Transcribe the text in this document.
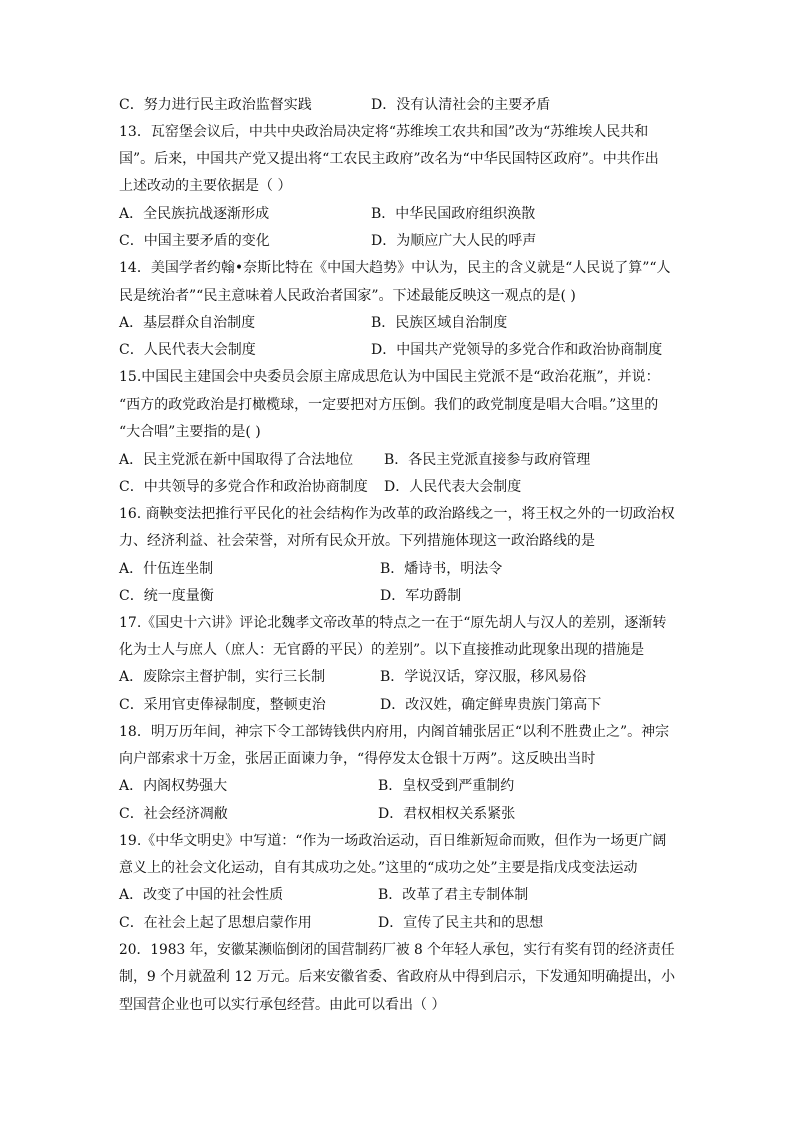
C．努力进行民主政治监督实践	D．没有认清社会的主要矛盾
13．瓦窑堡会议后，中共中央政治局决定将“苏维埃工农共和国”改为“苏维埃人民共和
国”。后来，中国共产党又提出将“工农民主政府”改名为“中华民国特区政府”。中共作出
上述改动的主要依据是（ ）
A．全民族抗战逐渐形成	B．中华民国政府组织涣散
C．中国主要矛盾的变化	D．为顺应广大人民的呼声
14．美国学者约翰•奈斯比特在《中国大趋势》中认为，民主的含义就是“人民说了算”“人
民是统治者”“民主意味着人民政治者国家”。下述最能反映这一观点的是( )
A．基层群众自治制度	B．民族区域自治制度
C．人民代表大会制度	D．中国共产党领导的多党合作和政治协商制度
15.中国民主建国会中央委员会原主席成思危认为中国民主党派不是“政治花瓶”，并说：
“西方的政党政治是打橄榄球，一定要把对方压倒。我们的政党制度是唱大合唱。”这里的
“大合唱”主要指的是( )
A．民主党派在新中国取得了合法地位 B．各民主党派直接参与政府管理
C．中共领导的多党合作和政治协商制度 D．人民代表大会制度
16. 商鞅变法把推行平民化的社会结构作为改革的政治路线之一，将王权之外的一切政治权
力、经济利益、社会荣誉，对所有民众开放。下列措施体现这一政治路线的是
A．什伍连坐制	B．燔诗书，明法令
C．统一度量衡	D．军功爵制
17.《国史十六讲》评论北魏孝文帝改革的特点之一在于“原先胡人与汉人的差别，逐渐转
化为士人与庶人（庶人：无官爵的平民）的差别”。以下直接推动此现象出现的措施是
A．废除宗主督护制，实行三长制	B．学说汉话，穿汉服，移风易俗
C．采用官吏俸禄制度，整顿吏治	D．改汉姓，确定鲜卑贵族门第高下
18．明万历年间，神宗下令工部铸钱供内府用，内阁首辅张居正“以利不胜费止之”。神宗
向户部索求十万金，张居正面谏力争，“得停发太仓银十万两”。这反映出当时
A．内阁权势强大	B．皇权受到严重制约
C．社会经济凋敝	D．君权相权关系紧张
19.《中华文明史》中写道：“作为一场政治运动，百日维新短命而败，但作为一场更广阔
意义上的社会文化运动，自有其成功之处。”这里的“成功之处”主要是指戊戌变法运动
A．改变了中国的社会性质	B．改革了君主专制体制
C．在社会上起了思想启蒙作用	D．宣传了民主共和的思想
20．1983 年，安徽某濒临倒闭的国营制药厂被 8 个年轻人承包，实行有奖有罚的经济责任
制，9 个月就盈利 12 万元。后来安徽省委、省政府从中得到启示，下发通知明确提出，小
型国营企业也可以实行承包经营。由此可以看出（ ）
